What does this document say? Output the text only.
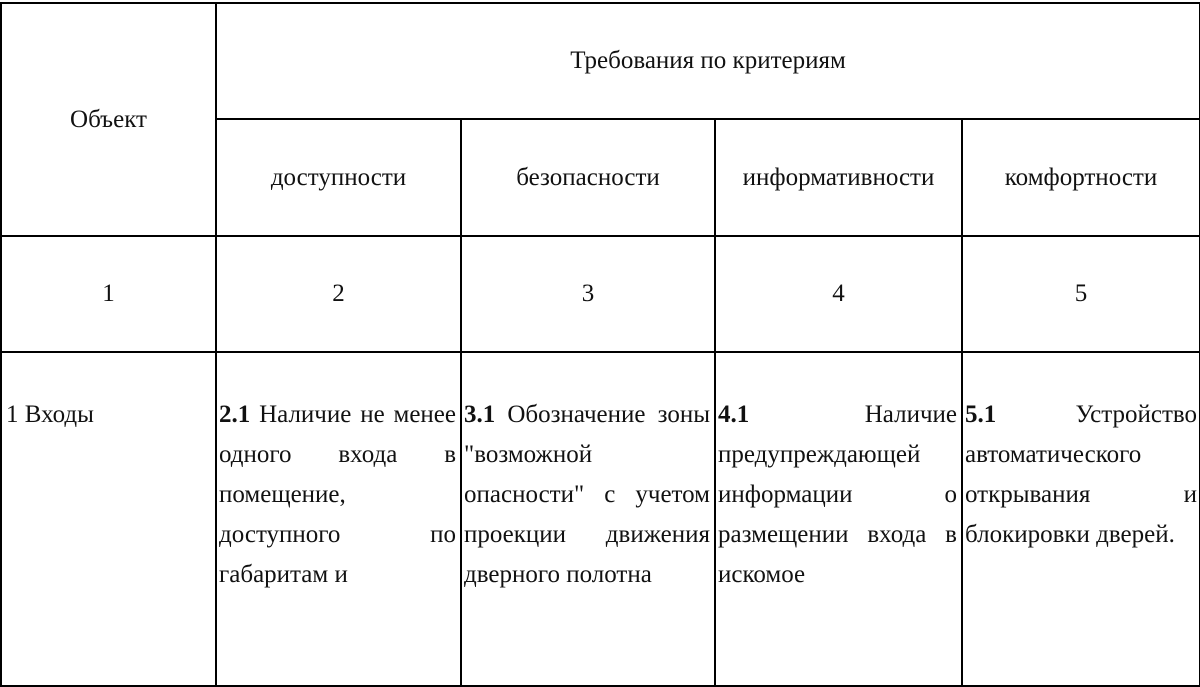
Объект	Требования по критериям			
	доступности	безопасности	информативности	комфортности
1	2	3	4	5
1 Входы	2.1 Наличие не менее одного входа в помещение, доступного по габаритам и	3.1 Обозначение зоны "возможной опасности" с учетом проекции движения дверного полотна	4.1 Наличие предупреждающей информации о размещении входа в искомое	5.1 Устройство автоматического открывания и блокировки дверей.
